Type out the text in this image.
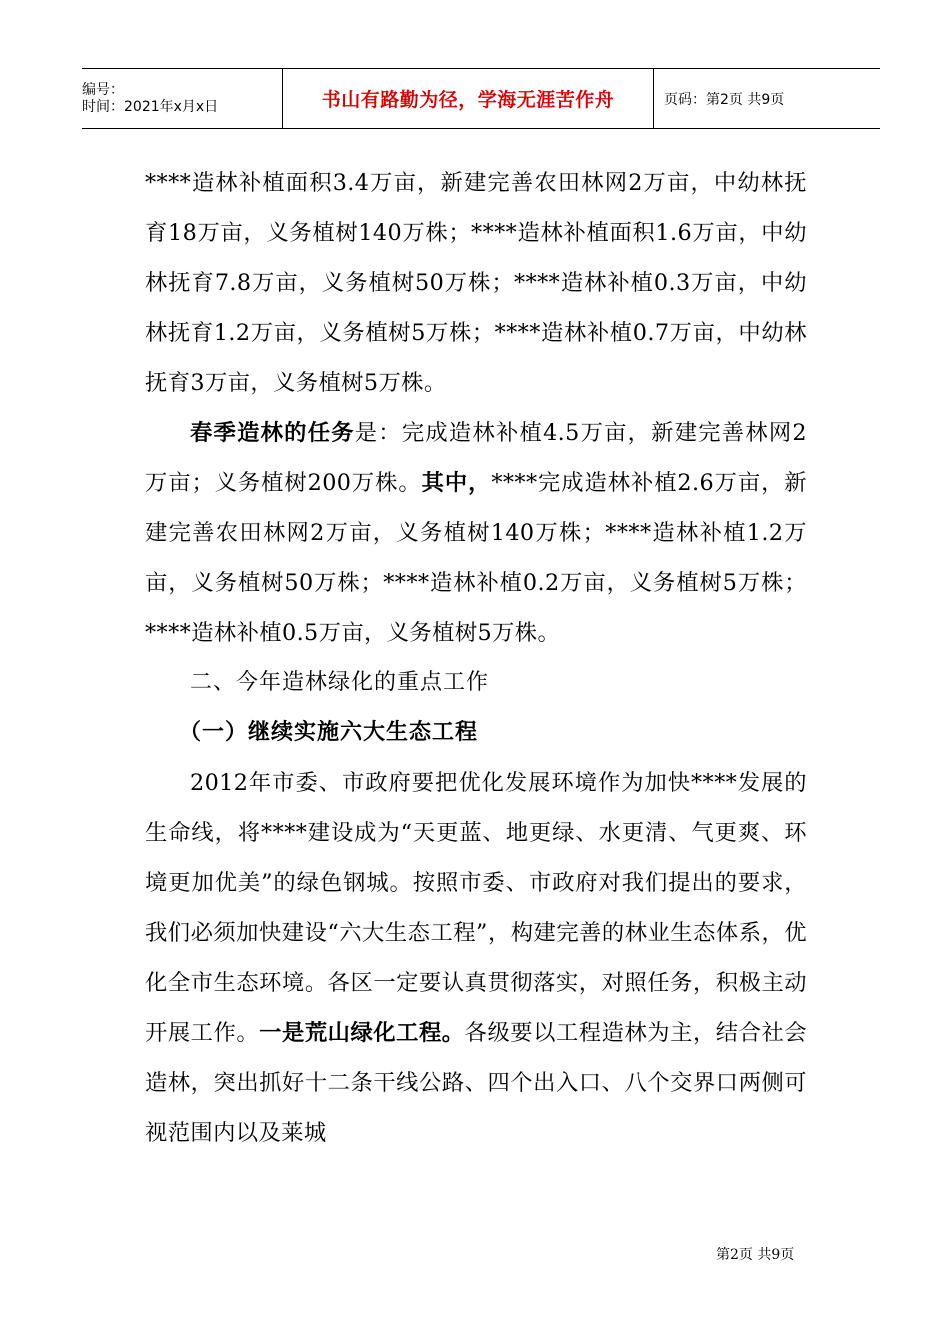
编号：
时间：2021年x月x日	书山有路勤为径，学海无涯苦作舟	页码：第2页 共9页

****造林补植面积3.4万亩，新建完善农田林网2万亩，中幼林抚育18万亩，义务植树140万株；****造林补植面积1.6万亩，中幼林抚育7.8万亩，义务植树50万株；****造林补植0.3万亩，中幼林抚育1.2万亩，义务植树5万株；****造林补植0.7万亩，中幼林抚育3万亩，义务植树5万株。

春季造林的任务是：完成造林补植4.5万亩，新建完善林网2万亩；义务植树200万株。其中，****完成造林补植2.6万亩，新建完善农田林网2万亩，义务植树140万株；****造林补植1.2万亩，义务植树50万株；****造林补植0.2万亩，义务植树5万株；****造林补植0.5万亩，义务植树5万株。

二、今年造林绿化的重点工作

（一）继续实施六大生态工程

2012年市委、市政府要把优化发展环境作为加快****发展的生命线，将****建设成为“天更蓝、地更绿、水更清、气更爽、环境更加优美”的绿色钢城。按照市委、市政府对我们提出的要求，我们必须加快建设“六大生态工程”，构建完善的林业生态体系，优化全市生态环境。各区一定要认真贯彻落实，对照任务，积极主动开展工作。一是荒山绿化工程。各级要以工程造林为主，结合社会造林，突出抓好十二条干线公路、四个出入口、八个交界口两侧可视范围内以及莱城

第2页 共9页
